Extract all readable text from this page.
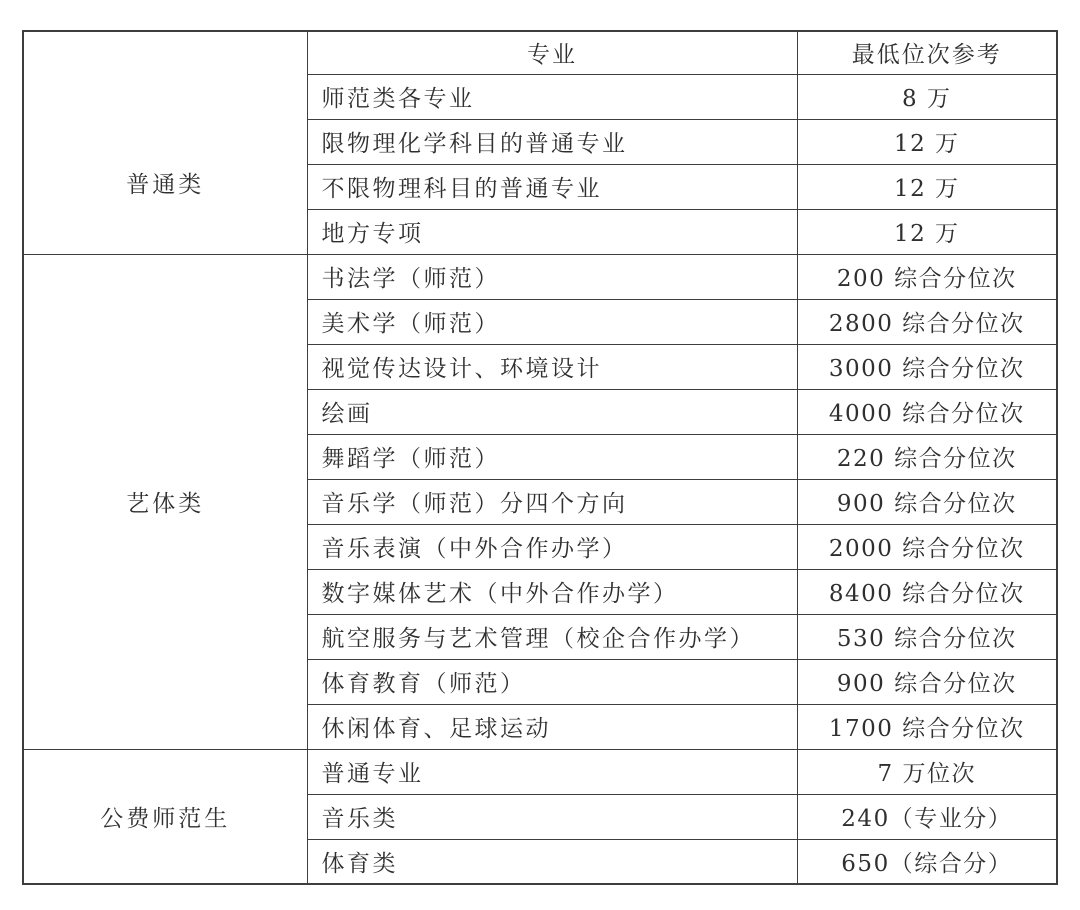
普通类	专业	最低位次参考
	师范类各专业	8 万
	限物理化学科目的普通专业	12 万
	不限物理科目的普通专业	12 万
	地方专项	12 万
艺体类	书法学（师范）	200 综合分位次
	美术学（师范）	2800 综合分位次
	视觉传达设计、环境设计	3000 综合分位次
	绘画	4000 综合分位次
	舞蹈学（师范）	220 综合分位次
	音乐学（师范）分四个方向	900 综合分位次
	音乐表演（中外合作办学）	2000 综合分位次
	数字媒体艺术（中外合作办学）	8400 综合分位次
	航空服务与艺术管理（校企合作办学）	530 综合分位次
	体育教育（师范）	900 综合分位次
	休闲体育、足球运动	1700 综合分位次
公费师范生	普通专业	7 万位次
	音乐类	240（专业分）
	体育类	650（综合分）
